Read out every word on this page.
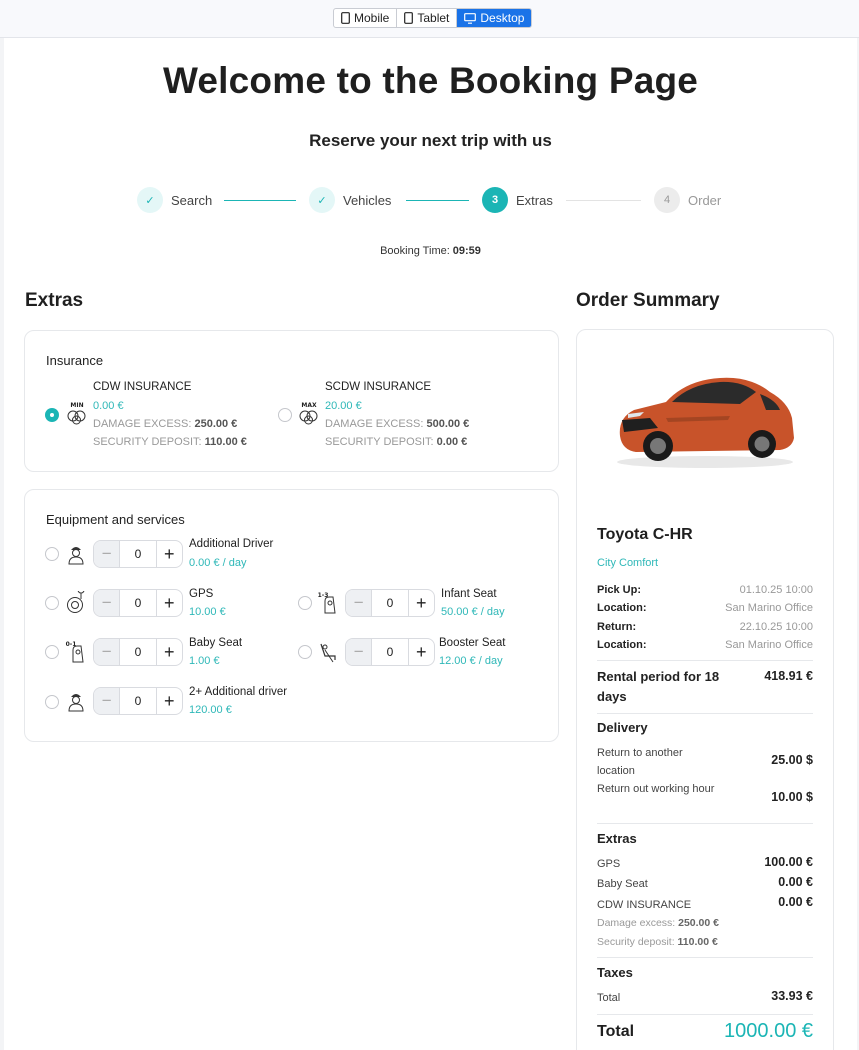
Mobile Tablet	Desktop
Welcome to the Booking Page
Reserve your next trip with us
✓	Search	✓	Vehicles	3	Extras	4	Order
Booking Time: 09:59
Extras
Insurance
MIN
CDW INSURANCE
0.00 €
DAMAGE EXCESS: 250.00 €
SECURITY DEPOSIT: 110.00 €
MAX
SCDW INSURANCE
20.00 €
DAMAGE EXCESS: 500.00 €
SECURITY DEPOSIT: 0.00 €
Equipment and services
−	0	+	Additional Driver
0.00 € / day
−	0	+	GPS
10.00 €
1-3	−	0	+	Infant Seat
50.00 € / day
0-1	−	0	+	Baby Seat
1.00 €	−	0	+	Booster Seat
12.00 € / day
−	0	+	2+ Additional driver
120.00 €
Order Summary
Toyota C-HR
City Comfort
Pick Up:	01.10.25 10:00
Location:	San Marino Office
Return:	22.10.25 10:00
Location:	San Marino Office
Rental period for 18 days
418.91 €
Delivery
Return to another location
25.00 $
Return out working hour
10.00 $
Extras
GPS	100.00 €
Baby Seat	0.00 €
CDW INSURANCE	0.00 €
Damage excess: 250.00 €
Security deposit: 110.00 €
Taxes
Total	33.93 €
Total	1000.00 €
